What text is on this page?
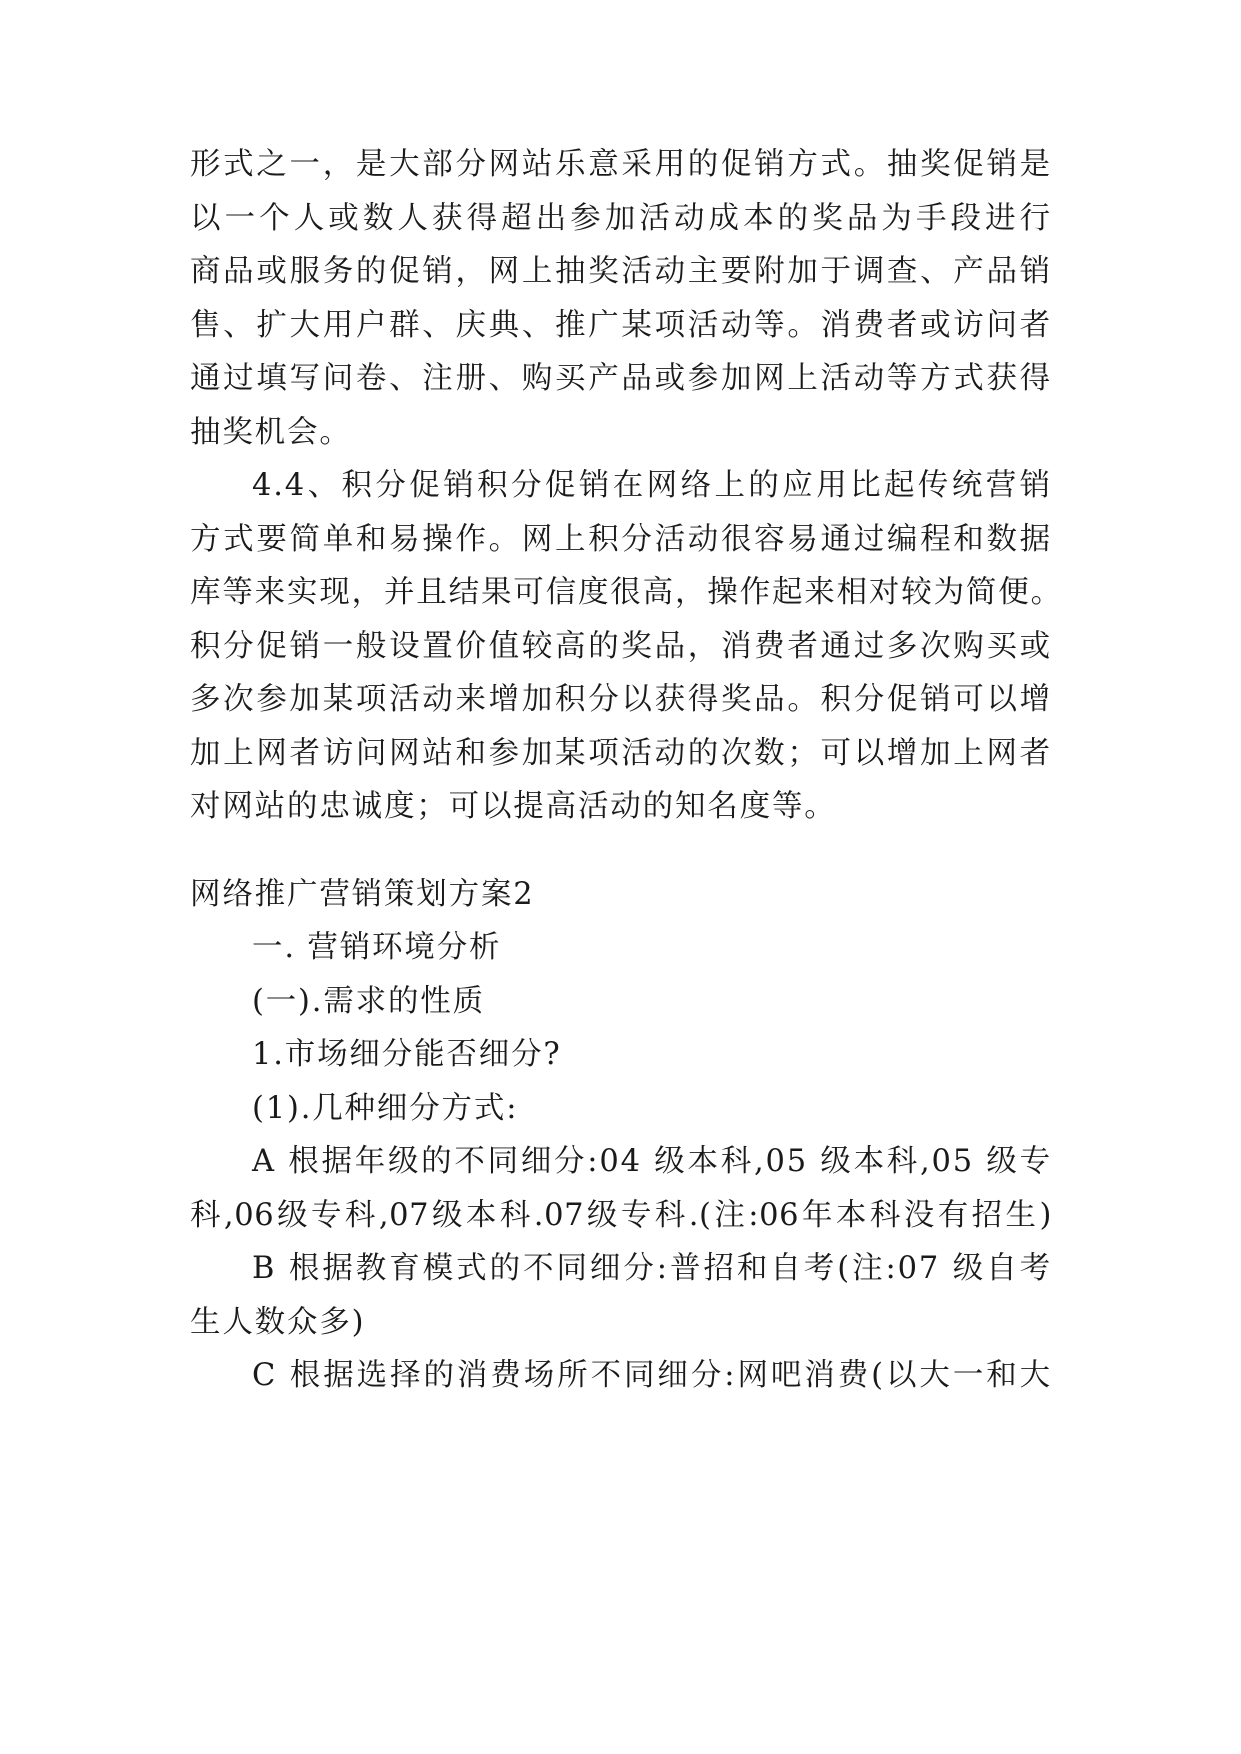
形式之一，是大部分网站乐意采用的促销方式。抽奖促销是
以一个人或数人获得超出参加活动成本的奖品为手段进行
商品或服务的促销，网上抽奖活动主要附加于调查、产品销
售、扩大用户群、庆典、推广某项活动等。消费者或访问者
通过填写问卷、注册、购买产品或参加网上活动等方式获得
抽奖机会。
4.4、积分促销积分促销在网络上的应用比起传统营销
方式要简单和易操作。网上积分活动很容易通过编程和数据
库等来实现，并且结果可信度很高，操作起来相对较为简便。
积分促销一般设置价值较高的奖品，消费者通过多次购买或
多次参加某项活动来增加积分以获得奖品。积分促销可以增
加上网者访问网站和参加某项活动的次数；可以增加上网者
对网站的忠诚度；可以提高活动的知名度等。
网络推广营销策划方案2
一. 营销环境分析
(一).需求的性质
1.市场细分能否细分?
(1).几种细分方式:
A 根据年级的不同细分:04 级本科,05 级本科,05 级专
科,06级专科,07级本科.07级专科.(注:06年本科没有招生)
B 根据教育模式的不同细分:普招和自考(注:07 级自考
生人数众多)
C 根据选择的消费场所不同细分:网吧消费(以大一和大
